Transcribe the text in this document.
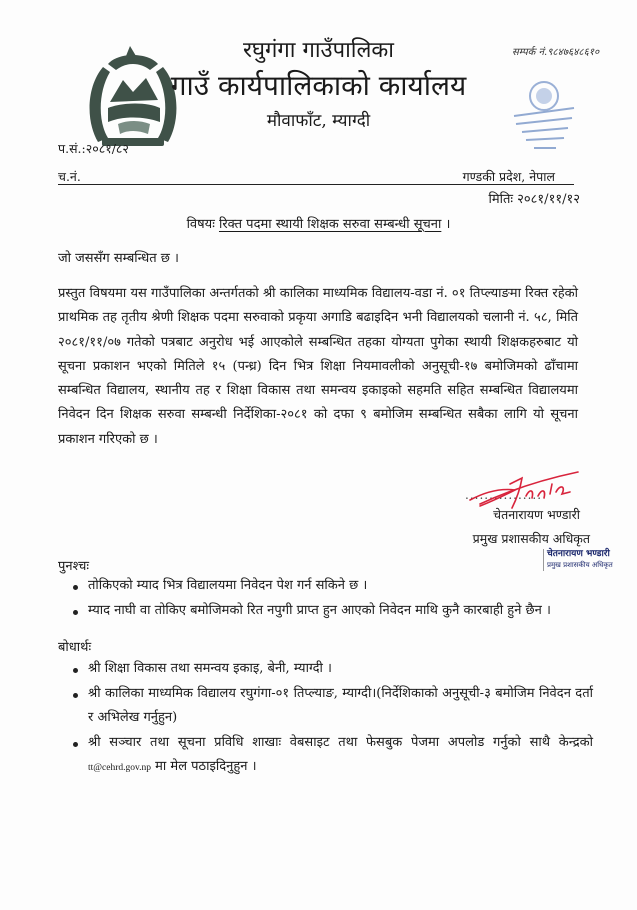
रघुगंगा गाउँपालिका
गाउँ कार्यपालिकाको कार्यालय
मौवाफाँट, म्याग्दी
सम्पर्क नं.९८४७६४८६१०
प.सं.:२०८१/८२
च.नं.	गण्डकी प्रदेश, नेपाल
मितिः २०८१/११/१२
विषयः रिक्त पदमा स्थायी शिक्षक सरुवा सम्बन्धी सूचना ।
जो जससँग सम्बन्धित छ ।
प्रस्तुत विषयमा यस गाउँपालिका अन्तर्गतको श्री कालिका माध्यमिक विद्यालय-वडा नं. ०१ तिप्ल्याङमा रिक्त रहेको प्राथमिक तह तृतीय श्रेणी शिक्षक पदमा सरुवाको प्रकृया अगाडि बढाइदिन भनी विद्यालयको चलानी नं. ५८, मिति २०८१/११/०७ गतेको पत्रबाट अनुरोध भई आएकोले सम्बन्धित तहका योग्यता पुगेका स्थायी शिक्षकहरुबाट यो सूचना प्रकाशन भएको मितिले १५ (पन्ध्र) दिन भित्र शिक्षा नियमावलीको अनुसूची-१७ बमोजिमको ढाँचामा सम्बन्धित विद्यालय, स्थानीय तह र शिक्षा विकास तथा समन्वय इकाइको सहमति सहित सम्बन्धित विद्यालयमा निवेदन दिन शिक्षक सरुवा सम्बन्धी निर्देशिका-२०८१ को दफा ९ बमोजिम सम्बन्धित सबैका लागि यो सूचना प्रकाशन गरिएको छ ।
................
चेतनारायण भण्डारी
प्रमुख प्रशासकीय अधिकृत
चेतनारायण भण्डारी
प्रमुख प्रशासकीय अधिकृत
पुनश्चः
तोकिएको म्याद भित्र विद्यालयमा निवेदन पेश गर्न सकिने छ ।
म्याद नाघी वा तोकिए बमोजिमको रित नपुगी प्राप्त हुन आएको निवेदन माथि कुनै कारबाही हुने छैन ।
बोधार्थः
श्री शिक्षा विकास तथा समन्वय इकाइ, बेनी, म्याग्दी ।
श्री कालिका माध्यमिक विद्यालय रघुगंगा-०१ तिप्ल्याङ, म्याग्दी।(निर्देशिकाको अनुसूची-३ बमोजिम निवेदन दर्ता र अभिलेख गर्नुहुन)
श्री सञ्चार तथा सूचना प्रविधि शाखाः वेबसाइट तथा फेसबुक पेजमा अपलोड गर्नुको साथै केन्द्रको tt@cehrd.gov.np मा मेल पठाइदिनुहुन ।
